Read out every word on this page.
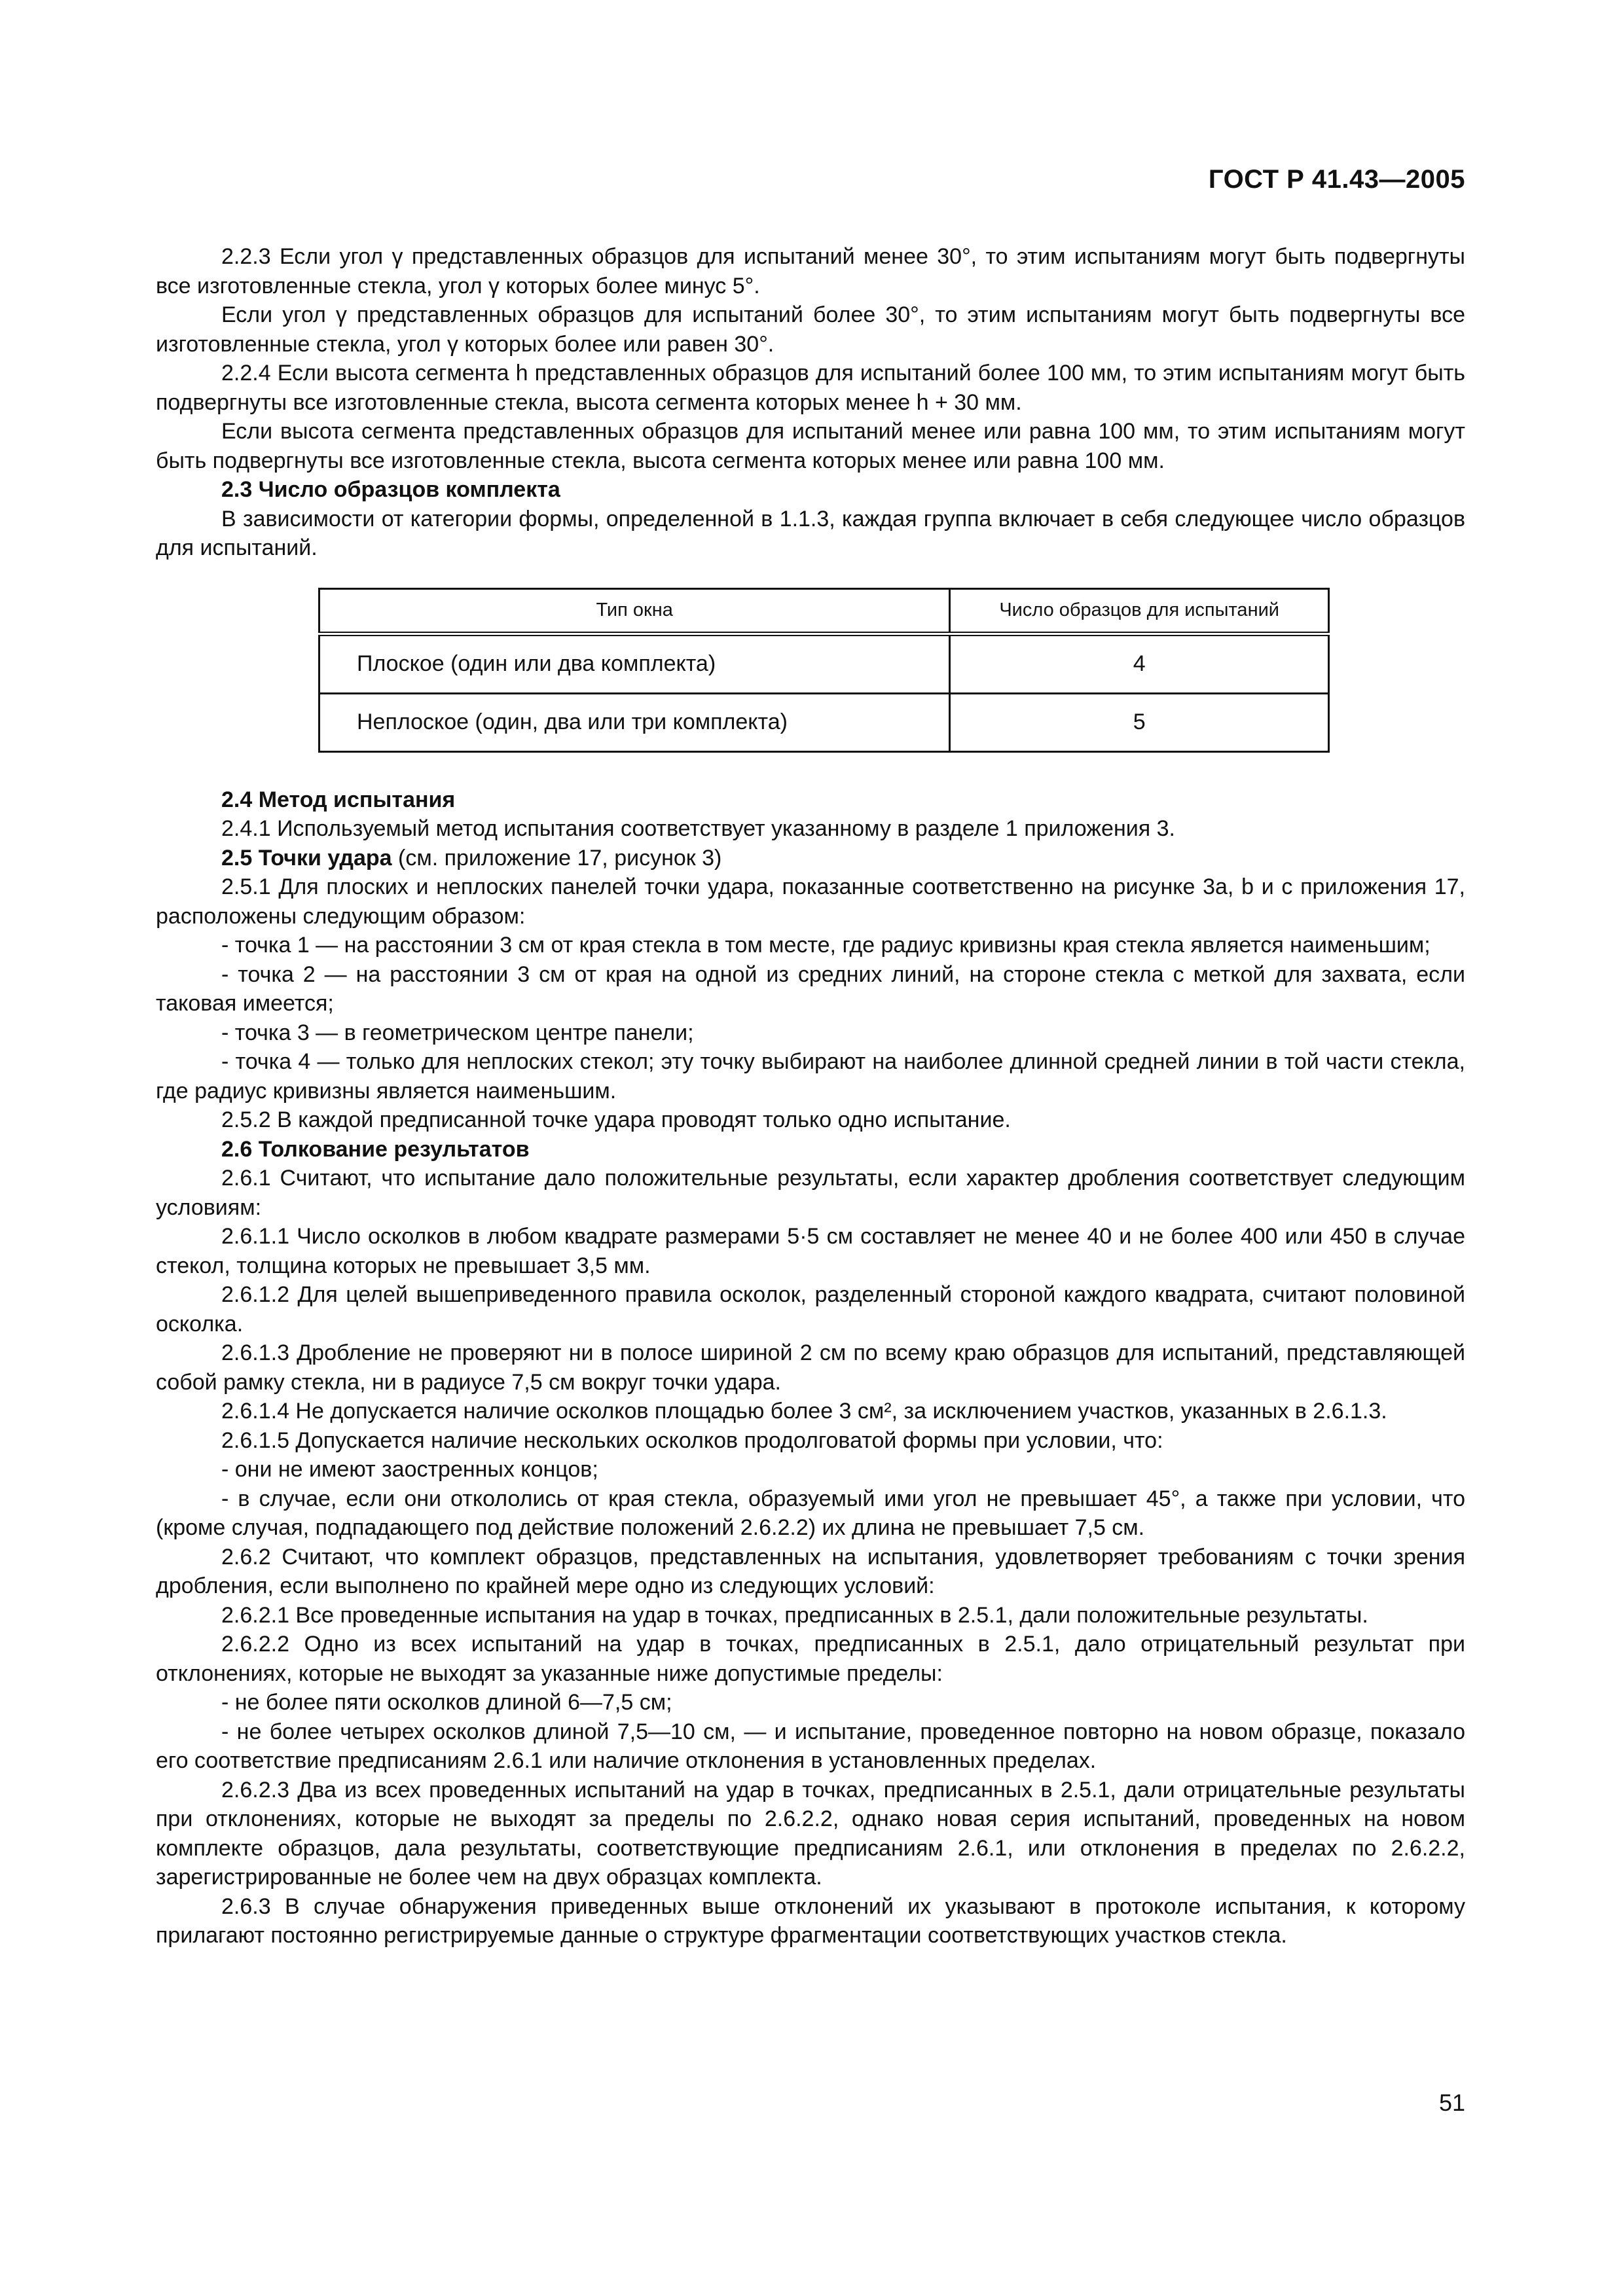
ГОСТ Р 41.43—2005

2.2.3 Если угол γ представленных образцов для испытаний менее 30°, то этим испытаниям могут быть подвергнуты все изготовленные стекла, угол γ которых более минус 5°.

Если угол γ представленных образцов для испытаний более 30°, то этим испытаниям могут быть подвергнуты все изготовленные стекла, угол γ которых более или равен 30°.

2.2.4 Если высота сегмента h представленных образцов для испытаний более 100 мм, то этим испытаниям могут быть подвергнуты все изготовленные стекла, высота сегмента которых менее h + 30 мм.

Если высота сегмента представленных образцов для испытаний менее или равна 100 мм, то этим испытаниям могут быть подвергнуты все изготовленные стекла, высота сегмента которых менее или равна 100 мм.

2.3 Число образцов комплекта

В зависимости от категории формы, определенной в 1.1.3, каждая группа включает в себя следующее число образцов для испытаний.

Тип окна	Число образцов для испытаний
Плоское (один или два комплекта)	4
Неплоское (один, два или три комплекта)	5

2.4 Метод испытания

2.4.1 Используемый метод испытания соответствует указанному в разделе 1 приложения 3.

2.5 Точки удара (см. приложение 17, рисунок 3)

2.5.1 Для плоских и неплоских панелей точки удара, показанные соответственно на рисунке 3а, b и с приложения 17, расположены следующим образом:

- точка 1 — на расстоянии 3 см от края стекла в том месте, где радиус кривизны края стекла является наименьшим;

- точка 2 — на расстоянии 3 см от края на одной из средних линий, на стороне стекла с меткой для захвата, если таковая имеется;

- точка 3 — в геометрическом центре панели;

- точка 4 — только для неплоских стекол; эту точку выбирают на наиболее длинной средней линии в той части стекла, где радиус кривизны является наименьшим.

2.5.2 В каждой предписанной точке удара проводят только одно испытание.

2.6 Толкование результатов

2.6.1 Считают, что испытание дало положительные результаты, если характер дробления соответствует следующим условиям:

2.6.1.1 Число осколков в любом квадрате размерами 5·5 см составляет не менее 40 и не более 400 или 450 в случае стекол, толщина которых не превышает 3,5 мм.

2.6.1.2 Для целей вышеприведенного правила осколок, разделенный стороной каждого квадрата, считают половиной осколка.

2.6.1.3 Дробление не проверяют ни в полосе шириной 2 см по всему краю образцов для испытаний, представляющей собой рамку стекла, ни в радиусе 7,5 см вокруг точки удара.

2.6.1.4 Не допускается наличие осколков площадью более 3 см², за исключением участков, указанных в 2.6.1.3.

2.6.1.5 Допускается наличие нескольких осколков продолговатой формы при условии, что:

- они не имеют заостренных концов;

- в случае, если они откололись от края стекла, образуемый ими угол не превышает 45°, а также при условии, что (кроме случая, подпадающего под действие положений 2.6.2.2) их длина не превышает 7,5 см.

2.6.2 Считают, что комплект образцов, представленных на испытания, удовлетворяет требованиям с точки зрения дробления, если выполнено по крайней мере одно из следующих условий:

2.6.2.1 Все проведенные испытания на удар в точках, предписанных в 2.5.1, дали положительные результаты.

2.6.2.2 Одно из всех испытаний на удар в точках, предписанных в 2.5.1, дало отрицательный результат при отклонениях, которые не выходят за указанные ниже допустимые пределы:

- не более пяти осколков длиной 6—7,5 см;

- не более четырех осколков длиной 7,5—10 см, — и испытание, проведенное повторно на новом образце, показало его соответствие предписаниям 2.6.1 или наличие отклонения в установленных пределах.

2.6.2.3 Два из всех проведенных испытаний на удар в точках, предписанных в 2.5.1, дали отрицательные результаты при отклонениях, которые не выходят за пределы по 2.6.2.2, однако новая серия испытаний, проведенных на новом комплекте образцов, дала результаты, соответствующие предписаниям 2.6.1, или отклонения в пределах по 2.6.2.2, зарегистрированные не более чем на двух образцах комплекта.

2.6.3 В случае обнаружения приведенных выше отклонений их указывают в протоколе испытания, к которому прилагают постоянно регистрируемые данные о структуре фрагментации соответствующих участков стекла.

51
